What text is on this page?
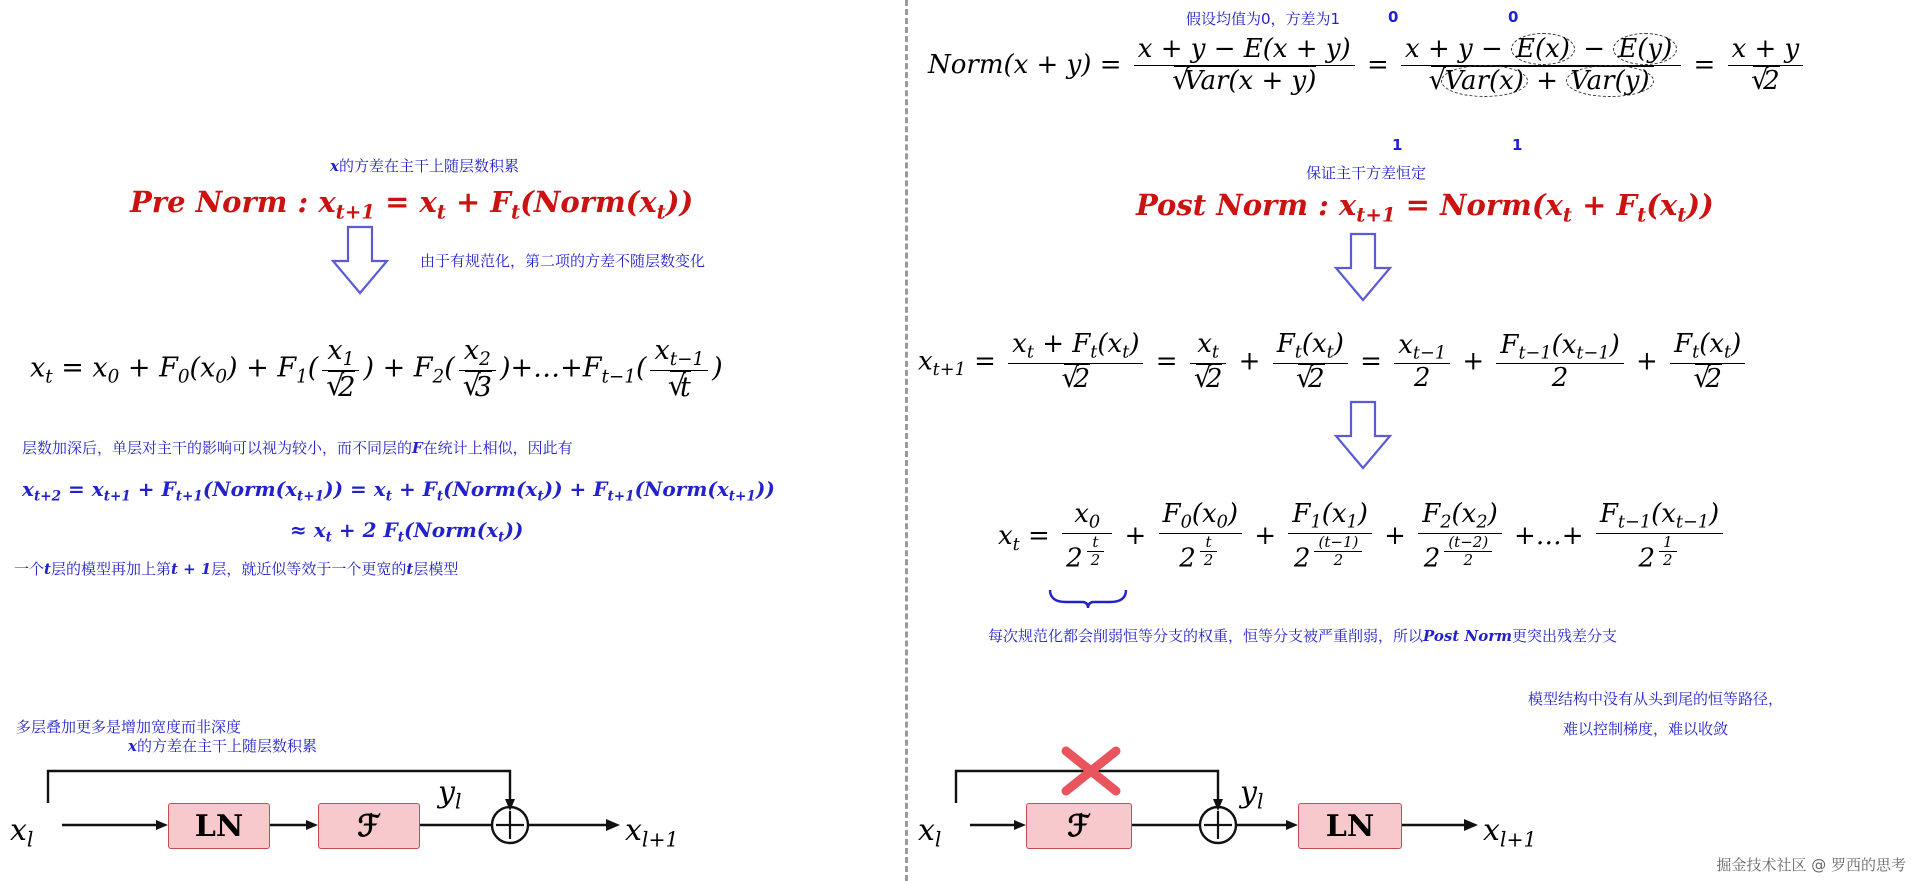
x的方差在主干上随层数积累
Pre Norm : $x_{t+1} = x_t$ + $F_t(Norm(x_t))$
由于有规范化，第二项的方差不随层数变化
$x_t = x_0 + F_0(x_0) + F_1$( $x_1$
√ 2 ) + $F_2$( $x_2$
√ 3 )$+\dots+F_{t-1}$( $x_{t-1}$
√ t )
层数加深后，单层对主干的影响可以视为较小，而不同层的F在统计上相似，因此有
$x_{t+2} = x_{t+1}$ + $F_{t+1}(Norm(x_{t+1})) = x_t$ + $F_t(Norm(x_t))$ + $F_{t+1}(Norm(x_{t+1}))$
≈ $x_t + 2$ $F_t(Norm(x_t))$
一个t层的模型再加上第t + 1层，就近似等效于一个更宽的t层模型
多层叠加更多是增加宽度而非深度
LN	ℱ
$x_l$
$y_l$
$x_{l+1}$
x的方差在主干上随层数积累
假设均值为0，方差为1	0	0
Norm(x + y) = x + y − E(x + y)
√ Var(x + y) = x + y − E(x) − E(y)
√ Var(x) + Var(y) = x + y
√ 2
1	1
保证主干方差恒定
Post Norm : $x_{t+1}$ = $Norm(x_t + F_t(x_t))$
$x_{t+1} = x_t + F_t(x_t)$
√ $2 = x_t$
√ $2 + F_t(x_t)$
√ $2 = \frac{x_{t-1}}{2} + \frac{F_{t-1}(x_{t-1})}{2} + F_t(x_t)$
√ 2
$x_t = x_0$
2 $^{\frac{t}{2}} + F_0(x_0)$
2 $^{\frac{t}{2}} + F_1(x_1)$
2 $^{\frac{(t-1)}{2}} + F_2(x_2)$
2 $^{\frac{(t-2)}{2}}$ +…+ $F_{t-1}(x_{t-1})$
2 $^{\frac{1}{2}}$
每次规范化都会削弱恒等分支的权重，恒等分支被严重削弱，所以Post Norm更突出残差分支
模型结构中没有从头到尾的恒等路径，
难以控制梯度，难以收敛
ℱ	LN
$x_l$
$y_l$
$x_{l+1}$
掘金技术社区 @ 罗西的思考
